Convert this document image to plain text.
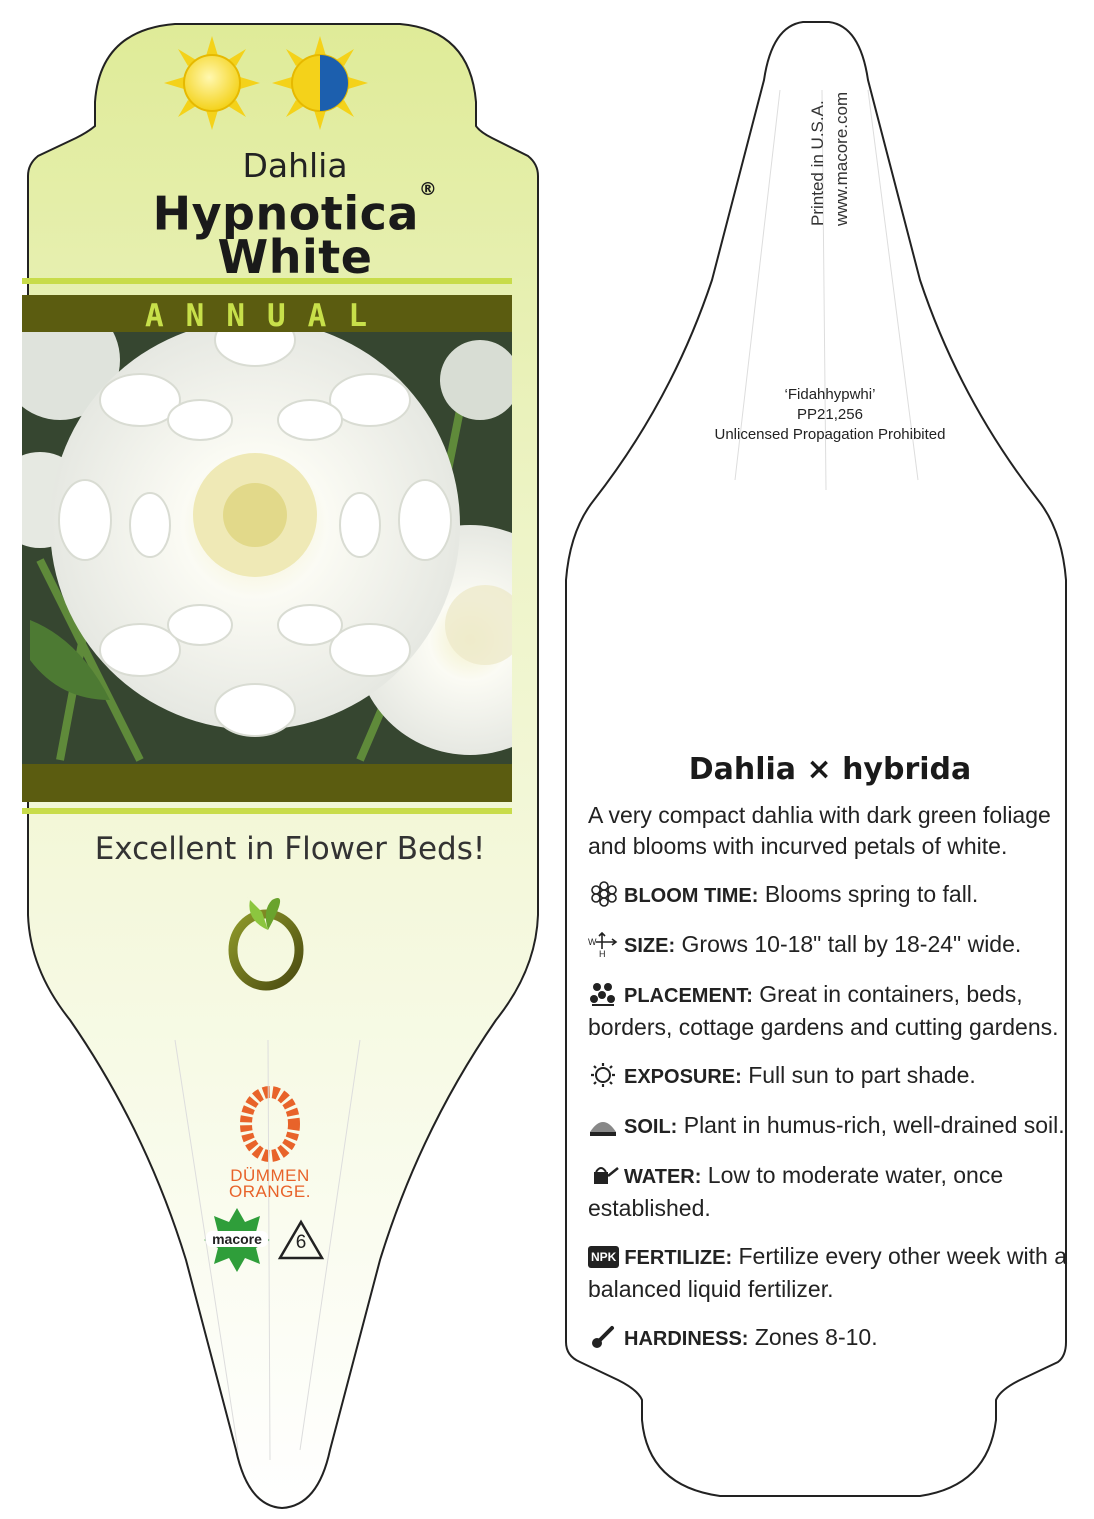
Dahlia
Hypnotica®
White
ANNUAL
Excellent in Flower Beds!
DÜMMEN ORANGE.
macore	6
Printed in U.S.A. www.macore.com
‘Fidahhypwhi’
PP21,256
Unlicensed Propagation Prohibited
Dahlia × hybrida

A very compact dahlia with dark green foliage and blooms with incurved petals of white.

BLOOM TIME: Blooms spring to fall.

W
H SIZE: Grows 10-18" tall by 18-24" wide.

PLACEMENT: Great in containers, beds, borders, cottage gardens and cutting gardens.

EXPOSURE: Full sun to part shade.

SOIL: Plant in humus-rich, well-drained soil.

WATER: Low to moderate water, once established.

NPK FERTILIZE: Fertilize every other week with a balanced liquid fertilizer.

HARDINESS: Zones 8-10.
